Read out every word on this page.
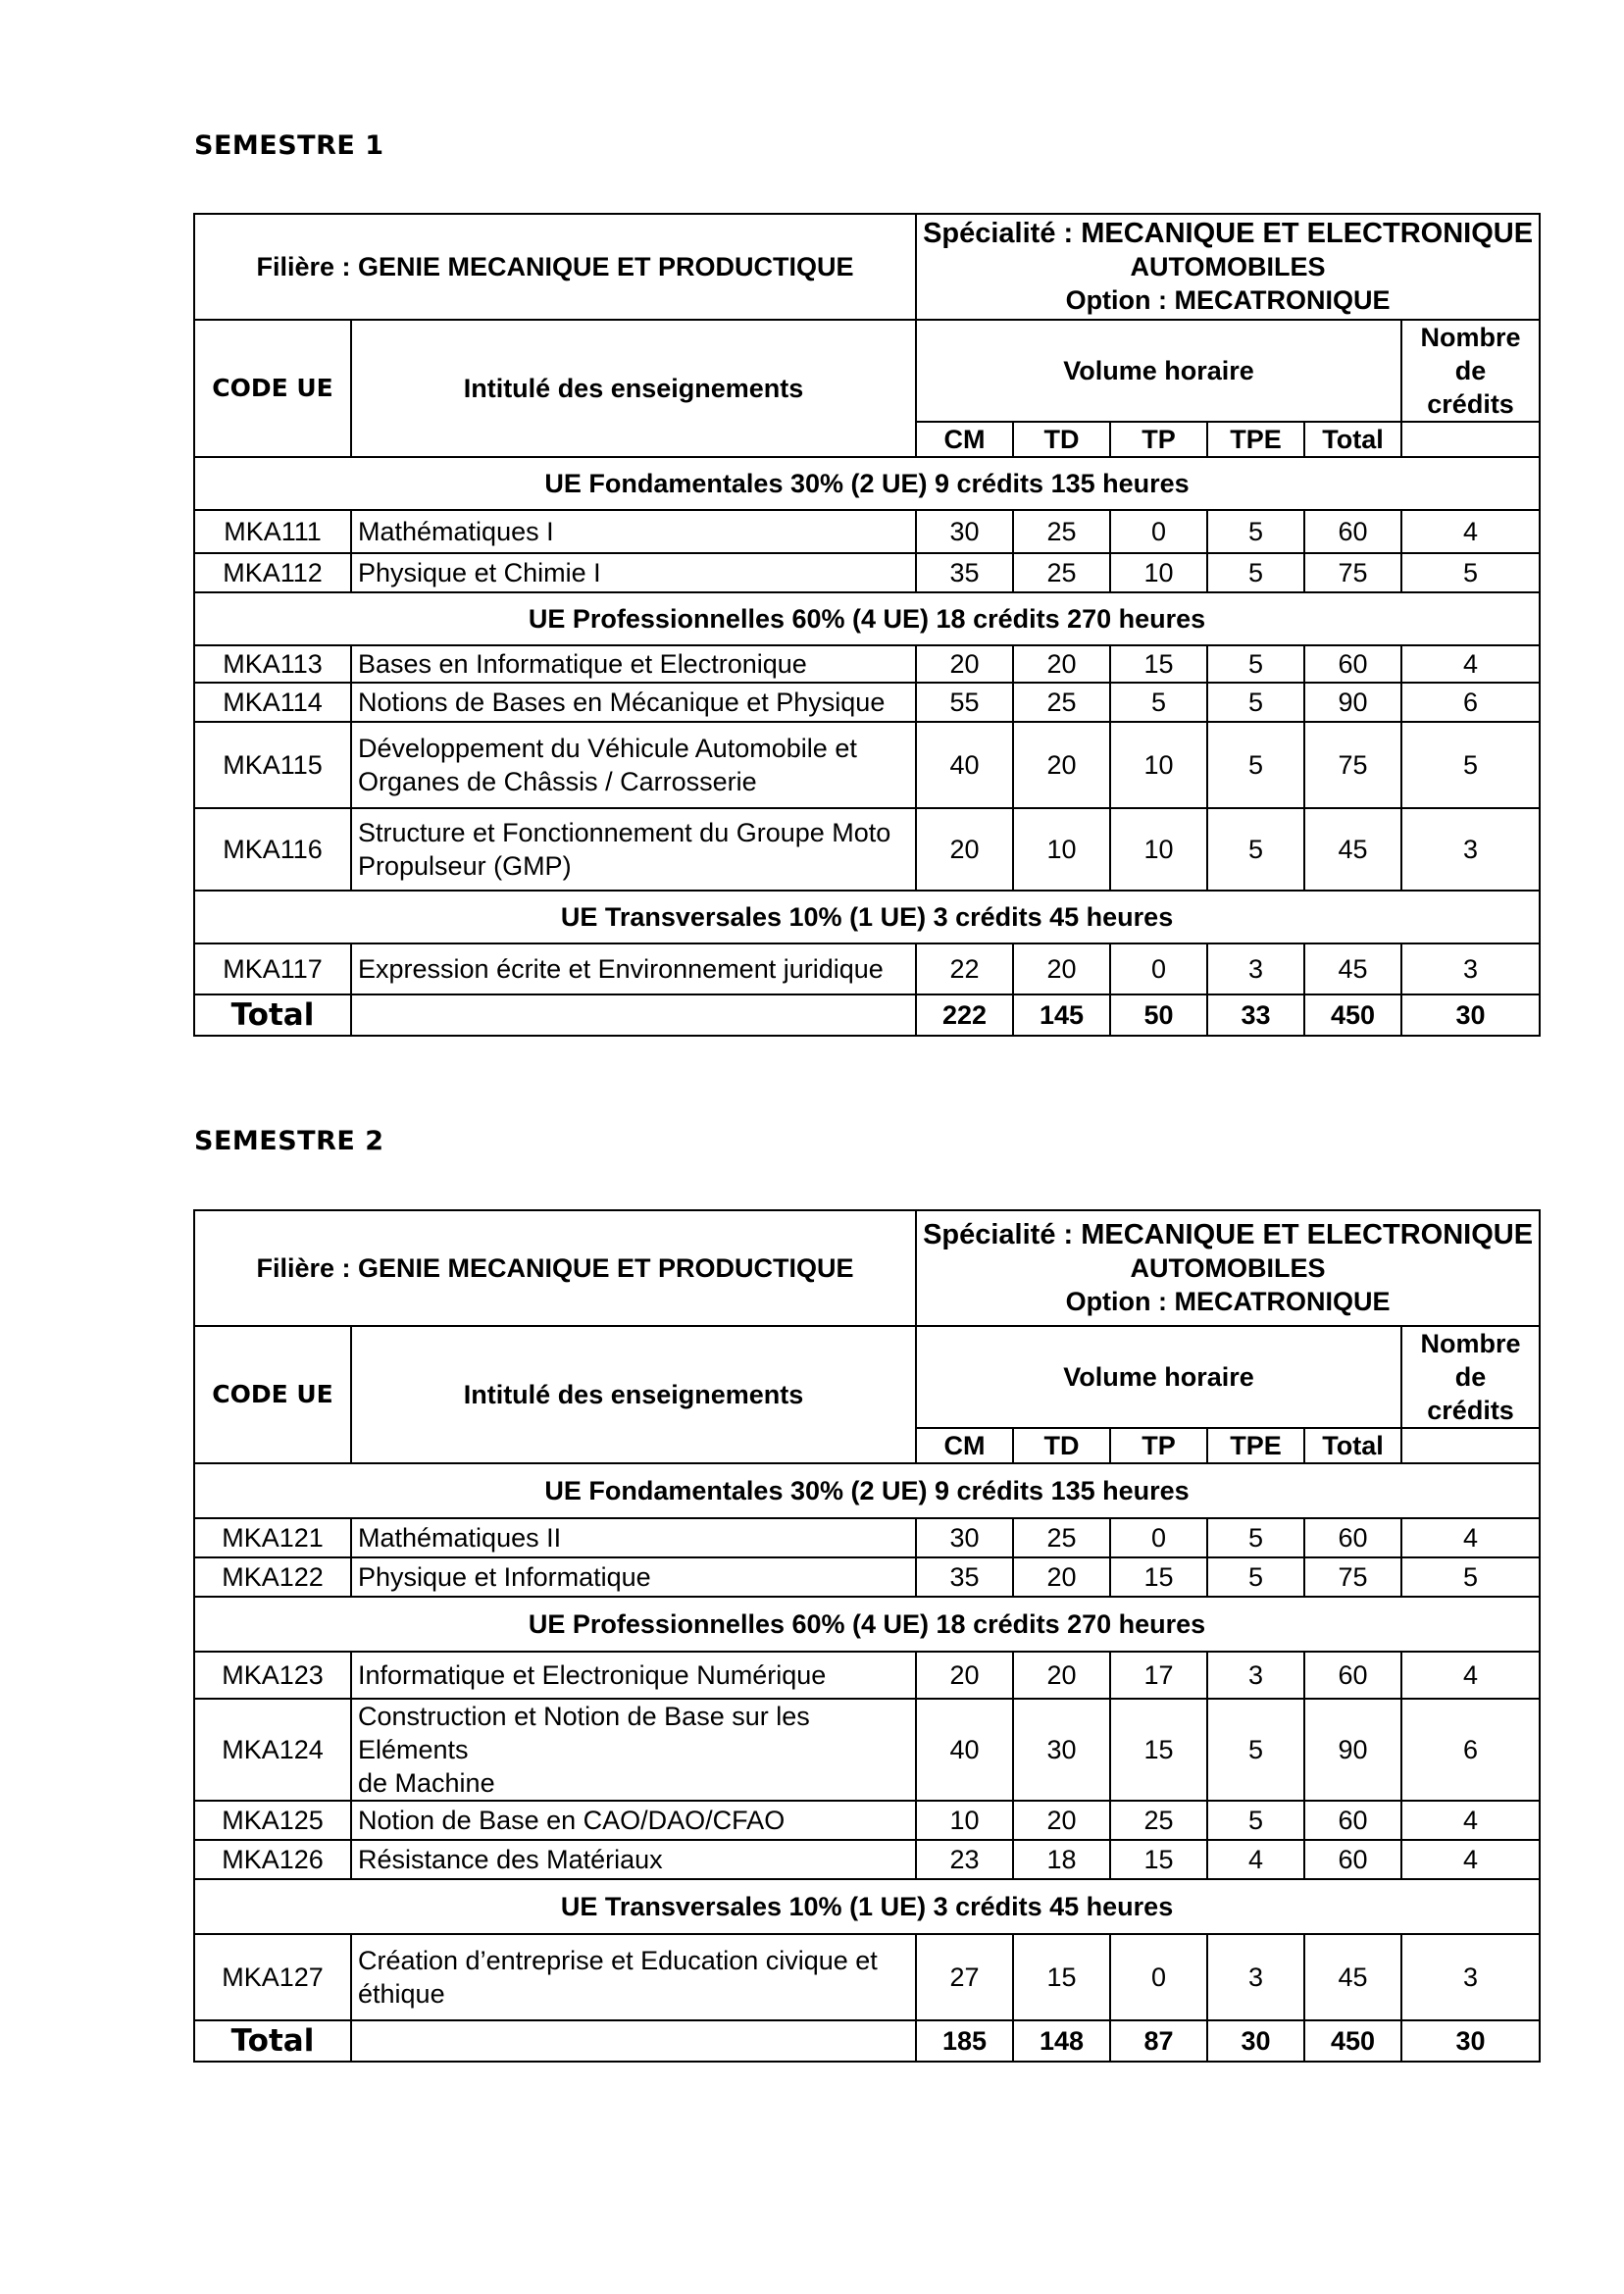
SEMESTRE 1
Filière : GENIE MECANIQUE ET PRODUCTIQUE		Spécialité : MECANIQUE ET ELECTRONIQUE
AUTOMOBILES
Option : MECATRONIQUE					

CODE UE	Intitulé des enseignements	Volume horaire					Nombre
de crédits

		CM	TD	TP	TPE	Total	
UE Fondamentales 30% (2 UE) 9 crédits 135 heures							
MKA111	Mathématiques I	30	25	0	5	60	4
MKA112	Physique et Chimie I	35	25	10	5	75	5
UE Professionnelles 60% (4 UE) 18 crédits 270 heures							
MKA113	Bases en Informatique et Electronique	20	20	15	5	60	4
MKA114	Notions de Bases en Mécanique et Physique	55	25	5	5	90	6
MKA115	Développement du Véhicule Automobile et
Organes de Châssis / Carrosserie	40	20	10	5	75	5
MKA116	Structure et Fonctionnement du Groupe Moto
Propulseur (GMP)	20	10	10	5	45	3
UE Transversales 10% (1 UE) 3 crédits 45 heures							
MKA117	Expression écrite et Environnement juridique	22	20	0	3	45	3
Total		222	145	50	33	450	30
SEMESTRE 2
Filière : GENIE MECANIQUE ET PRODUCTIQUE		Spécialité : MECANIQUE ET ELECTRONIQUE
AUTOMOBILES
Option : MECATRONIQUE					

CODE UE	Intitulé des enseignements	Volume horaire					Nombre
de crédits

		CM	TD	TP	TPE	Total	
UE Fondamentales 30% (2 UE) 9 crédits 135 heures							
MKA121	Mathématiques II	30	25	0	5	60	4
MKA122	Physique et Informatique	35	20	15	5	75	5
UE Professionnelles 60% (4 UE) 18 crédits 270 heures							
MKA123	Informatique et Electronique Numérique	20	20	17	3	60	4
MKA124	Construction et Notion de Base sur les Eléments
de Machine	40	30	15	5	90	6
MKA125	Notion de Base en CAO/DAO/CFAO	10	20	25	5	60	4
MKA126	Résistance des Matériaux	23	18	15	4	60	4
UE Transversales 10% (1 UE) 3 crédits 45 heures							
MKA127	Création d’entreprise et Education civique et
éthique	27	15	0	3	45	3
Total		185	148	87	30	450	30
